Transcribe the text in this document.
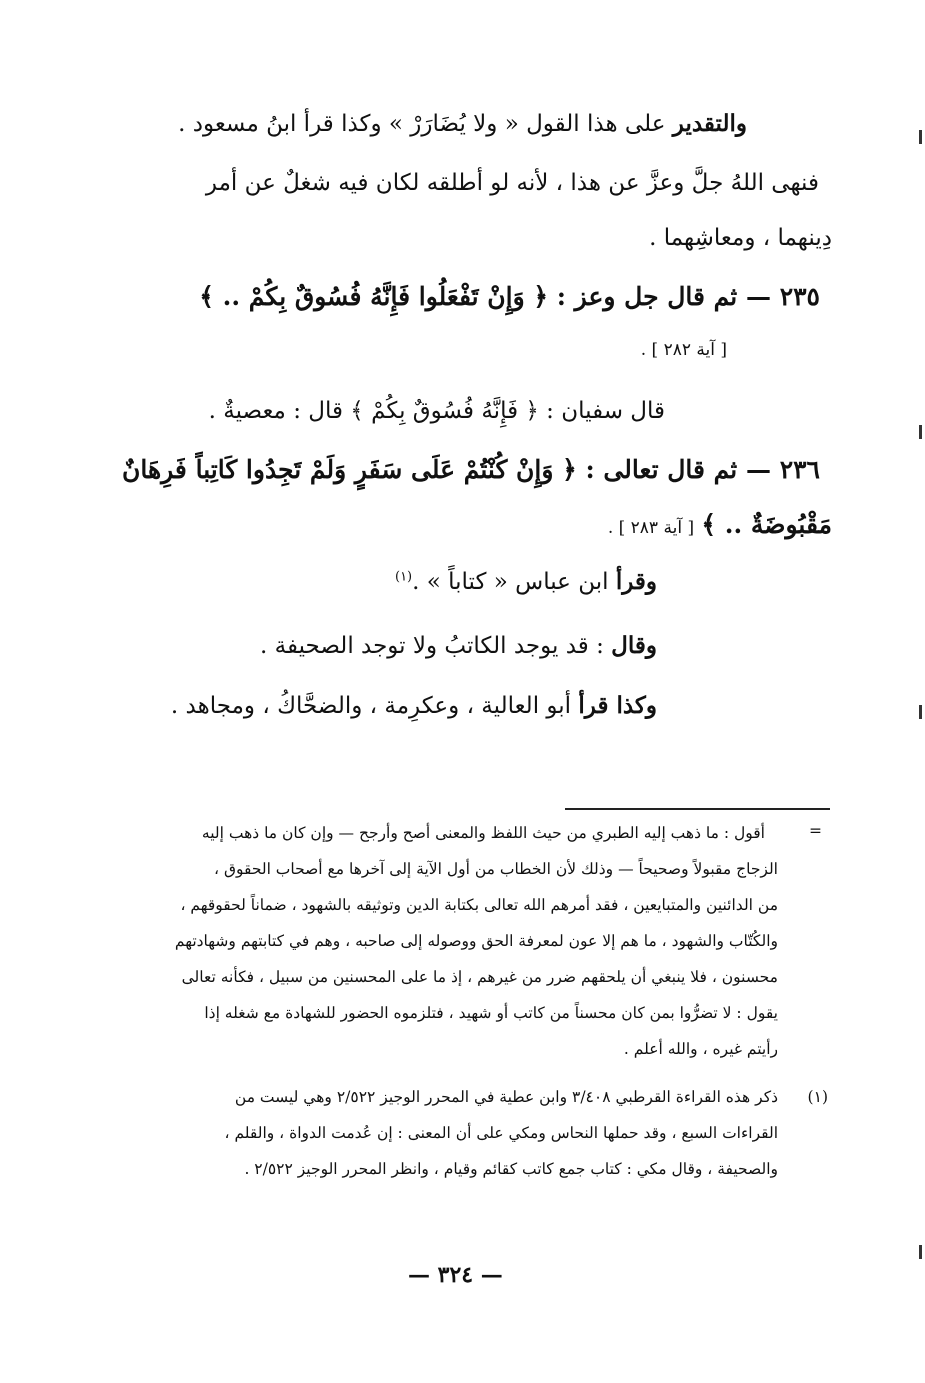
والتقدير على هذا القول « ولا يُضَارَرْ » وكذا قرأ ابنُ مسعود .
فنهى اللهُ جلَّ وعزَّ عن هذا ، لأنه لو أطلقه لكان فيه شغلٌ عن أمر
دِينهما ، ومعاشِهما .
٢٣٥ — ثم قال جل وعز : ﴿ وَإِنْ تَفْعَلُوا فَإِنَّهُ فُسُوقٌ بِكُمْ .. ﴾
[ آية ٢٨٢ ] .
قال سفيان : ﴿ فَإِنَّهُ فُسُوقٌ بِكُمْ ﴾ قال : معصيةٌ .
٢٣٦ — ثم قال تعالى : ﴿ وَإِنْ كُنْتُمْ عَلَى سَفَرٍ وَلَمْ تَجِدُوا كَاتِباً فَرِهَانٌ
مَقْبُوضَةٌ .. ﴾ [ آية ٢٨٣ ] .
وقرأ ابن عباس « كتاباً » .$^{(١)}$
وقال : قد يوجد الكاتبُ ولا توجد الصحيفة .
وكذا قرأ أبو العالية ، وعكرِمة ، والضحَّاكُ ، ومجاهد .
=
أقول : ما ذهب إليه الطبري من حيث اللفظ والمعنى أصح وأرجح — وإن كان ما ذهب إليه
الزجاج مقبولاً وصحيحاً — وذلك لأن الخطاب من أول الآية إلى آخرها مع أصحاب الحقوق ،
من الدائنين والمتبايعين ، فقد أمرهم الله تعالى بكتابة الدين وتوثيقه بالشهود ، ضماناً لحقوقهم ،
والكُتّاب والشهود ، ما هم إلا عون لمعرفة الحق ووصوله إلى صاحبه ، وهم في كتابتهم وشهادتهم
محسنون ، فلا ينبغي أن يلحقهم ضرر من غيرهم ، إذ ما على المحسنين من سبيل ، فكأنه تعالى
يقول : لا تضرُّوا بمن كان محسناً من كاتب أو شهيد ، فتلزموه الحضور للشهادة مع شغله إذا
رأيتم غيره ، والله أعلم .
(١)
ذكر هذه القراءة القرطبي ٣/٤٠٨ وابن عطية في المحرر الوجيز ٢/٥٢٢ وهي ليست من
القراءات السبع ، وقد حملها النحاس ومكي على أن المعنى : إن عُدمت الدواة ، والقلم ،
والصحيفة ، وقال مكي : كتاب جمع كاتب كقائم وقيام ، وانظر المحرر الوجيز ٢/٥٢٢ .
— ٣٢٤ —
